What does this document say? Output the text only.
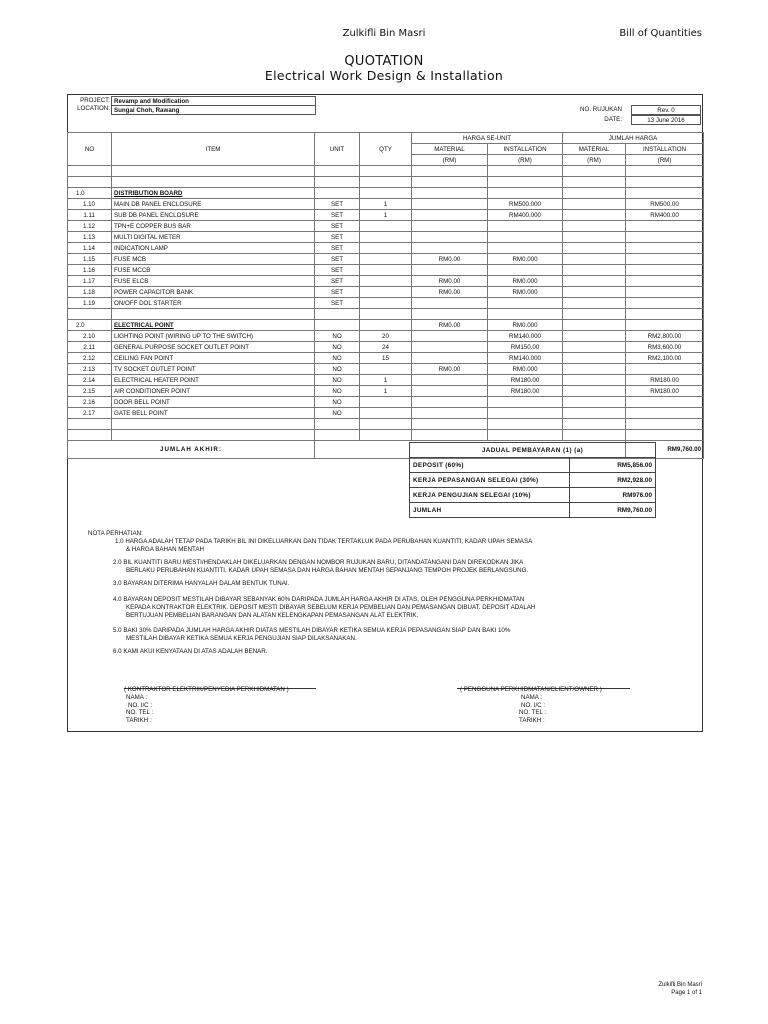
Zulkifli Bin Masri	Bill of Quantities
QUOTATION
Electrical Work Design & Installation
PROJECT: Revamp and Modification
LOCATION: Sungai Choh, Rawang	NO. RUJUKAN	Rev. 0
DATE:	13 June 2016
NO	ITEM	UNIT	QTY	HARGA SE-UNIT		JUMLAH HARGA	
				MATERIAL	INSTALLATION	MATERIAL	INSTALLATION
				(RM)	(RM)	(RM)	(RM)

1.0	DISTRIBUTION BOARD						
1.10	MAIN DB PANEL ENCLOSURE	SET	1		RM500.000		RM500.00
1.11	SUB DB PANEL ENCLOSURE	SET	1		RM400.000		RM400.00
1.12	TPN+E COPPER BUS BAR	SET					
1.13	MULTI DIGITAL METER	SET					
1.14	INDICATION LAMP	SET					
1.15	FUSE MCB	SET		RM0.00	RM0.000		
1.16	FUSE MCCB	SET					
1.17	FUSE ELCB	SET		RM0.00	RM0.000		
1.18	POWER CAPACITOR BANK	SET		RM0.00	RM0.000		
1.19	ON/OFF DOL STARTER	SET					

2.0	ELECTRICAL POINT			RM0.00	RM0.000		
2.10	LIGHTING POINT (WIRING UP TO THE SWITCH)	NO	20		RM140.000		RM2,800.00
2.11	GENERAL PURPOSE SOCKET OUTLET POINT	NO	24		RM150.00		RM3,600.00
2.12	CEILING FAN POINT	NO	15		RM140.000		RM2,100.00
2.13	TV SOCKET OUTLET POINT	NO		RM0.00	RM0.000		
2.14	ELECTRICAL HEATER POINT	NO	1		RM180.00		RM180.00
2.15	AIR CONDITIONER POINT	NO	1		RM180.00		RM180.00
2.16	DOOR BELL POINT	NO					
2.17	GATE BELL POINT	NO					

JUMLAH AKHIR:							RM9,760.00
JADUAL PEMBAYARAN (1) (a)	
DEPOSIT (60%)	RM5,856.00
KERJA PEPASANGAN SELEGAI (30%)	RM2,928.00
KERJA PENGUJIAN SELEGAI (10%)	RM976.00
JUMLAH	RM9,760.00
NOTA PERHATIAN:
1.0 HARGA ADALAH TETAP PADA TARIKH BIL INI DIKELUARKAN DAN TIDAK TERTAKLUK PADA PERUBAHAN KUANTITI, KADAR UPAH SEMASA
& HARGA BAHAN MENTAH
2.0 BIL KUANTITI BARU MESTI/HENDAKLAH DIKELUARKAN DENGAN NOMBOR RUJUKAN BARU, DITANDATANGANI DAN DIREKODKAN JIKA
BERLAKU PERUBAHAN KUANTITI, KADAR UPAH SEMASA DAN HARGA BAHAN MENTAH SEPANJANG TEMPOH PROJEK BERLANGSUNG.
3.0 BAYARAN DITERIMA HANYALAH DALAM BENTUK TUNAI.
4.0 BAYARAN DEPOSIT MESTILAH DIBAYAR SEBANYAK 60% DARIPADA JUMLAH HARGA AKHIR DI ATAS, OLEH PENGGUNA PERKHIDMATAN
KEPADA KONTRAKTOR ELEKTRIK. DEPOSIT MESTI DIBAYAR SEBELUM KERJA PEMBELIAN DAN PEMASANGAN DIBUAT. DEPOSIT ADALAH
BERTUJUAN PEMBELIAN BARANGAN DAN ALATAN KELENGKAPAN PEMASANGAN ALAT ELEKTRIK.
5.0 BAKI 30% DARIPADA JUMLAH HARGA AKHIR DIATAS MESTILAH DIBAYAR KETIKA SEMUA KERJA PEPASANGAN SIAP DAN BAKI 10%
MESTILAH DIBAYAR KETIKA SEMUA KERJA PENGUJIAN SIAP DILAKSANAKAN.
6.0 KAMI AKUI KENYATAAN DI ATAS ADALAH BENAR.
( KONTRAKTOR ELEKTRIK/PENYEDIA PERKHIDMATAN )	( PENGGUNA PERKHIDMATAN/CLIENT/OWNER )
NAMA :
NO. I/C :
NO. TEL :
TARIKH :
NAMA :
NO. I/C :
NO. TEL :
TARIKH :
Zulkifli Bin Masri
Page 1 of 1
